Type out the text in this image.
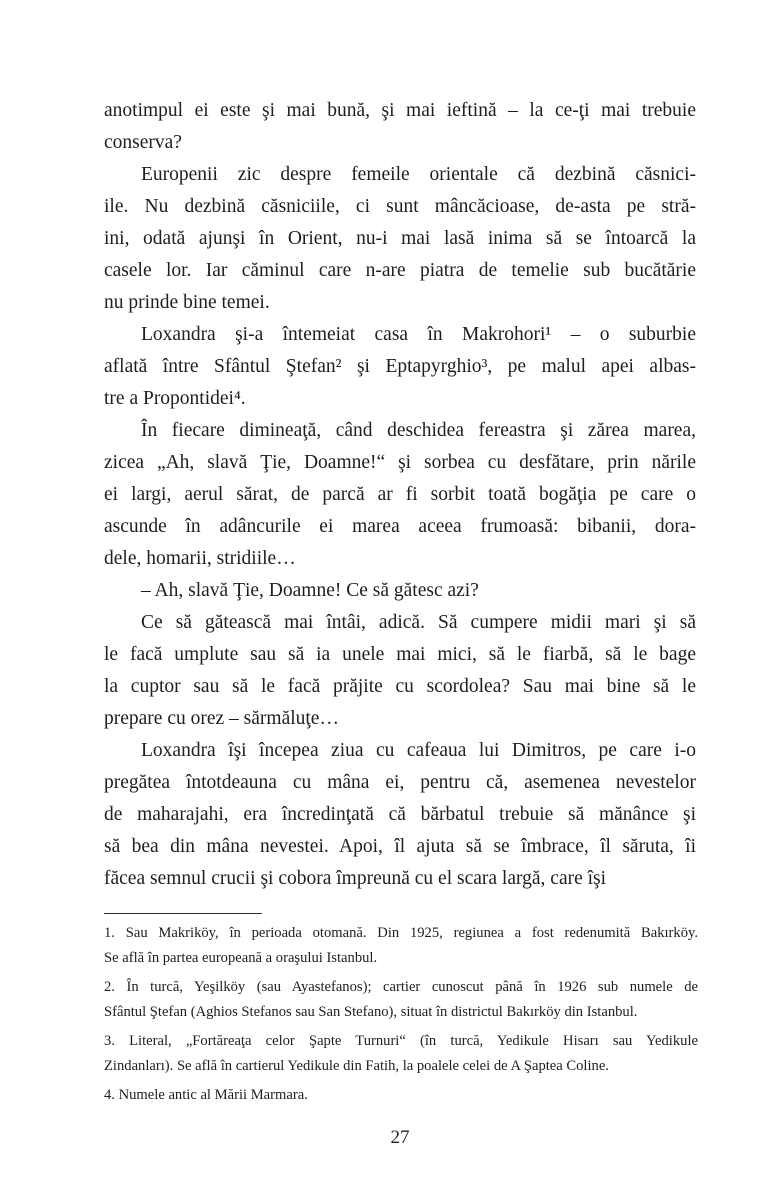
anotimpul ei este şi mai bună, şi mai ieftină – la ce-ţi mai trebuie
conserva?
Europenii zic despre femeile orientale că dezbină căsnici-
ile. Nu dezbină căsniciile, ci sunt mâncăcioase, de-asta pe stră-
ini, odată ajunşi în Orient, nu-i mai lasă inima să se întoarcă la
casele lor. Iar căminul care n-are piatra de temelie sub bucătărie
nu prinde bine temei.
Loxandra şi-a întemeiat casa în Makrohori¹ – o suburbie
aflată între Sfântul Ştefan² şi Eptapyrghio³, pe malul apei albas-
tre a Propontidei⁴.
În fiecare dimineaţă, când deschidea fereastra şi zărea marea,
zicea „Ah, slavă Ţie, Doamne!“ şi sorbea cu desfătare, prin nările
ei largi, aerul sărat, de parcă ar fi sorbit toată bogăţia pe care o
ascunde în adâncurile ei marea aceea frumoasă: bibanii, dora-
dele, homarii, stridiile…
– Ah, slavă Ţie, Doamne! Ce să gătesc azi?
Ce să gătească mai întâi, adică. Să cumpere midii mari şi să
le facă umplute sau să ia unele mai mici, să le fiarbă, să le bage
la cuptor sau să le facă prăjite cu scordolea? Sau mai bine să le
prepare cu orez – sărmăluţe…
Loxandra îşi începea ziua cu cafeaua lui Dimitros, pe care i-o
pregătea întotdeauna cu mâna ei, pentru că, asemenea nevestelor
de maharajahi, era încredinţată că bărbatul trebuie să mănânce şi
să bea din mâna nevestei. Apoi, îl ajuta să se îmbrace, îl săruta, îi
făcea semnul crucii şi cobora împreună cu el scara largă, care îşi
1. Sau Makriköy, în perioada otomană. Din 1925, regiunea a fost redenumită Bakırköy.
Se află în partea europeană a oraşului Istanbul.
2. În turcă, Yeşilköy (sau Ayastefanos); cartier cunoscut până în 1926 sub numele de
Sfântul Ştefan (Aghios Stefanos sau San Stefano), situat în districtul Bakırköy din Istanbul.
3. Literal, „Fortăreaţa celor Şapte Turnuri“ (în turcă, Yedikule Hisarı sau Yedikule
Zindanları). Se află în cartierul Yedikule din Fatih, la poalele celei de A Şaptea Coline.
4. Numele antic al Mării Marmara.
27
